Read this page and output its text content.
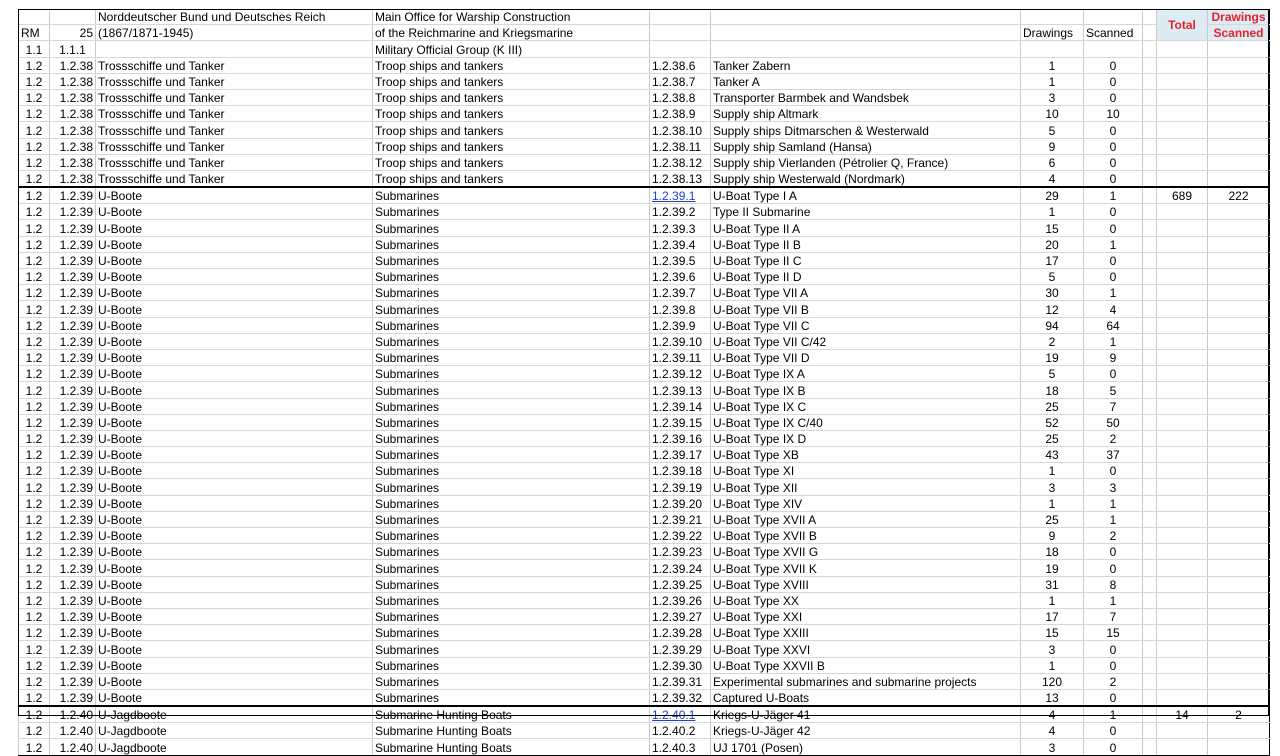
		Norddeutscher Bund und Deutsches Reich	Main Office for Warship Construction						Total	Drawings
RM	25	(1867/1871-1945)	of the Reichmarine and Kriegsmarine			Drawings	Scanned			Scanned
1.1	1.1.1		Military Official Group (K III)							
1.2	1.2.38	Trossschiffe und Tanker	Troop ships and tankers	1.2.38.6	Tanker Zabern	1	0			
1.2	1.2.38	Trossschiffe und Tanker	Troop ships and tankers	1.2.38.7	Tanker A	1	0			
1.2	1.2.38	Trossschiffe und Tanker	Troop ships and tankers	1.2.38.8	Transporter Barmbek and Wandsbek	3	0			
1.2	1.2.38	Trossschiffe und Tanker	Troop ships and tankers	1.2.38.9	Supply ship Altmark	10	10			
1.2	1.2.38	Trossschiffe und Tanker	Troop ships and tankers	1.2.38.10	Supply ships Ditmarschen & Westerwald	5	0			
1.2	1.2.38	Trossschiffe und Tanker	Troop ships and tankers	1.2.38.11	Supply ship Samland (Hansa)	9	0			
1.2	1.2.38	Trossschiffe und Tanker	Troop ships and tankers	1.2.38.12	Supply ship Vierlanden (Pétrolier Q, France)	6	0			
1.2	1.2.38	Trossschiffe und Tanker	Troop ships and tankers	1.2.38.13	Supply ship Westerwald (Nordmark)	4	0			
1.2	1.2.39	U-Boote	Submarines	1.2.39.1	U-Boat Type I A	29	1		689	222
1.2	1.2.39	U-Boote	Submarines	1.2.39.2	Type II Submarine	1	0			
1.2	1.2.39	U-Boote	Submarines	1.2.39.3	U-Boat Type II A	15	0			
1.2	1.2.39	U-Boote	Submarines	1.2.39.4	U-Boat Type II B	20	1			
1.2	1.2.39	U-Boote	Submarines	1.2.39.5	U-Boat Type II C	17	0			
1.2	1.2.39	U-Boote	Submarines	1.2.39.6	U-Boat Type II D	5	0			
1.2	1.2.39	U-Boote	Submarines	1.2.39.7	U-Boat Type VII A	30	1			
1.2	1.2.39	U-Boote	Submarines	1.2.39.8	U-Boat Type VII B	12	4			
1.2	1.2.39	U-Boote	Submarines	1.2.39.9	U-Boat Type VII C	94	64			
1.2	1.2.39	U-Boote	Submarines	1.2.39.10	U-Boat Type VII C/42	2	1			
1.2	1.2.39	U-Boote	Submarines	1.2.39.11	U-Boat Type VII D	19	9			
1.2	1.2.39	U-Boote	Submarines	1.2.39.12	U-Boat Type IX A	5	0			
1.2	1.2.39	U-Boote	Submarines	1.2.39.13	U-Boat Type IX B	18	5			
1.2	1.2.39	U-Boote	Submarines	1.2.39.14	U-Boat Type IX C	25	7			
1.2	1.2.39	U-Boote	Submarines	1.2.39.15	U-Boat Type IX C/40	52	50			
1.2	1.2.39	U-Boote	Submarines	1.2.39.16	U-Boat Type IX D	25	2			
1.2	1.2.39	U-Boote	Submarines	1.2.39.17	U-Boat Type XB	43	37			
1.2	1.2.39	U-Boote	Submarines	1.2.39.18	U-Boat Type XI	1	0			
1.2	1.2.39	U-Boote	Submarines	1.2.39.19	U-Boat Type XII	3	3			
1.2	1.2.39	U-Boote	Submarines	1.2.39.20	U-Boat Type XIV	1	1			
1.2	1.2.39	U-Boote	Submarines	1.2.39.21	U-Boat Type XVII A	25	1			
1.2	1.2.39	U-Boote	Submarines	1.2.39.22	U-Boat Type XVII B	9	2			
1.2	1.2.39	U-Boote	Submarines	1.2.39.23	U-Boat Type XVII G	18	0			
1.2	1.2.39	U-Boote	Submarines	1.2.39.24	U-Boat Type XVII K	19	0			
1.2	1.2.39	U-Boote	Submarines	1.2.39.25	U-Boat Type XVIII	31	8			
1.2	1.2.39	U-Boote	Submarines	1.2.39.26	U-Boat Type XX	1	1			
1.2	1.2.39	U-Boote	Submarines	1.2.39.27	U-Boat Type XXI	17	7			
1.2	1.2.39	U-Boote	Submarines	1.2.39.28	U-Boat Type XXIII	15	15			
1.2	1.2.39	U-Boote	Submarines	1.2.39.29	U-Boat Type XXVI	3	0			
1.2	1.2.39	U-Boote	Submarines	1.2.39.30	U-Boat Type XXVII B	1	0			
1.2	1.2.39	U-Boote	Submarines	1.2.39.31	Experimental submarines and submarine projects	120	2			
1.2	1.2.39	U-Boote	Submarines	1.2.39.32	Captured U-Boats	13	0			
1.2	1.2.40	U-Jagdboote	Submarine Hunting Boats	1.2.40.1	Kriegs-U-Jäger 41	4	1		14	2
1.2	1.2.40	U-Jagdboote	Submarine Hunting Boats	1.2.40.2	Kriegs-U-Jäger 42	4	0			
1.2	1.2.40	U-Jagdboote	Submarine Hunting Boats	1.2.40.3	UJ 1701 (Posen)	3	0			
